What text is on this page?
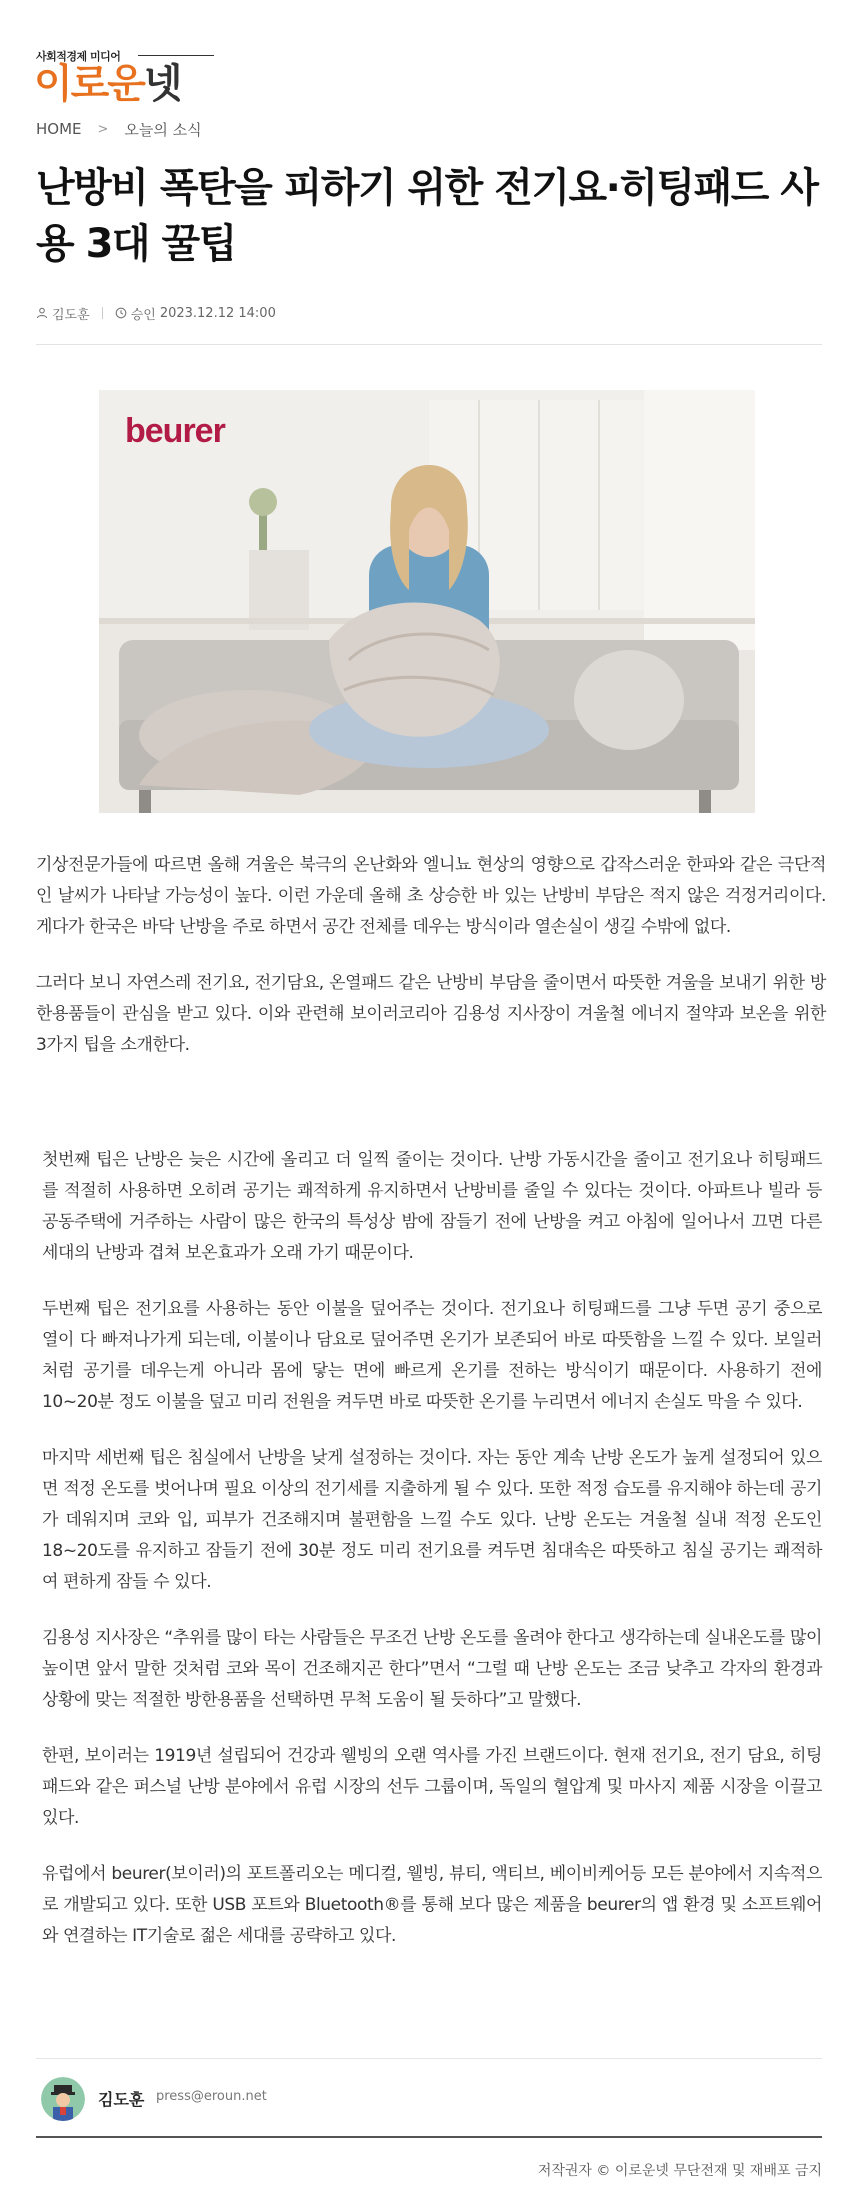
사회적경제 미디어
이로운넷
HOME > 오늘의 소식
난방비 폭탄을 피하기 위한 전기요·히팅패드 사용 3대 꿀팁
김도훈	승인 2023.12.12 14:00
beurer

기상전문가들에 따르면 올해 겨울은 북극의 온난화와 엘니뇨 현상의 영향으로 갑작스러운 한파와 같은 극단적인 날씨가 나타날 가능성이 높다. 이런 가운데 올해 초 상승한 바 있는 난방비 부담은 적지 않은 걱정거리이다. 게다가 한국은 바닥 난방을 주로 하면서 공간 전체를 데우는 방식이라 열손실이 생길 수밖에 없다.

그러다 보니 자연스레 전기요, 전기담요, 온열패드 같은 난방비 부담을 줄이면서 따뜻한 겨울을 보내기 위한 방한용품들이 관심을 받고 있다. 이와 관련해 보이러코리아 김용성 지사장이 겨울철 에너지 절약과 보온을 위한 3가지 팁을 소개한다.

첫번째 팁은 난방은 늦은 시간에 올리고 더 일찍 줄이는 것이다. 난방 가동시간을 줄이고 전기요나 히팅패드를 적절히 사용하면 오히려 공기는 쾌적하게 유지하면서 난방비를 줄일 수 있다는 것이다. 아파트나 빌라 등 공동주택에 거주하는 사람이 많은 한국의 특성상 밤에 잠들기 전에 난방을 켜고 아침에 일어나서 끄면 다른 세대의 난방과 겹쳐 보온효과가 오래 가기 때문이다.

두번째 팁은 전기요를 사용하는 동안 이불을 덮어주는 것이다. 전기요나 히팅패드를 그냥 두면 공기 중으로 열이 다 빠져나가게 되는데, 이불이나 담요로 덮어주면 온기가 보존되어 바로 따뜻함을 느낄 수 있다. 보일러처럼 공기를 데우는게 아니라 몸에 닿는 면에 빠르게 온기를 전하는 방식이기 때문이다. 사용하기 전에 10~20분 정도 이불을 덮고 미리 전원을 켜두면 바로 따뜻한 온기를 누리면서 에너지 손실도 막을 수 있다.

마지막 세번째 팁은 침실에서 난방을 낮게 설정하는 것이다. 자는 동안 계속 난방 온도가 높게 설정되어 있으면 적정 온도를 벗어나며 필요 이상의 전기세를 지출하게 될 수 있다. 또한 적정 습도를 유지해야 하는데 공기가 데워지며 코와 입, 피부가 건조해지며 불편함을 느낄 수도 있다. 난방 온도는 겨울철 실내 적정 온도인 18~20도를 유지하고 잠들기 전에 30분 정도 미리 전기요를 켜두면 침대속은 따뜻하고 침실 공기는 쾌적하여 편하게 잠들 수 있다.

김용성 지사장은 “추위를 많이 타는 사람들은 무조건 난방 온도를 올려야 한다고 생각하는데 실내온도를 많이 높이면 앞서 말한 것처럼 코와 목이 건조해지곤 한다”면서 “그럴 때 난방 온도는 조금 낮추고 각자의 환경과 상황에 맞는 적절한 방한용품을 선택하면 무척 도움이 될 듯하다”고 말했다.

한편, 보이러는 1919년 설립되어 건강과 웰빙의 오랜 역사를 가진 브랜드이다. 현재 전기요, 전기 담요, 히팅패드와 같은 퍼스널 난방 분야에서 유럽 시장의 선두 그룹이며, 독일의 혈압계 및 마사지 제품 시장을 이끌고 있다.

유럽에서 beurer(보이러)의 포트폴리오는 메디컬, 웰빙, 뷰티, 액티브, 베이비케어등 모든 분야에서 지속적으로 개발되고 있다. 또한 USB 포트와 Bluetooth®를 통해 보다 많은 제품을 beurer의 앱 환경 및 소프트웨어와 연결하는 IT기술로 젊은 세대를 공략하고 있다.

김도훈 press@eroun.net
저작권자 © 이로운넷 무단전재 및 재배포 금지
